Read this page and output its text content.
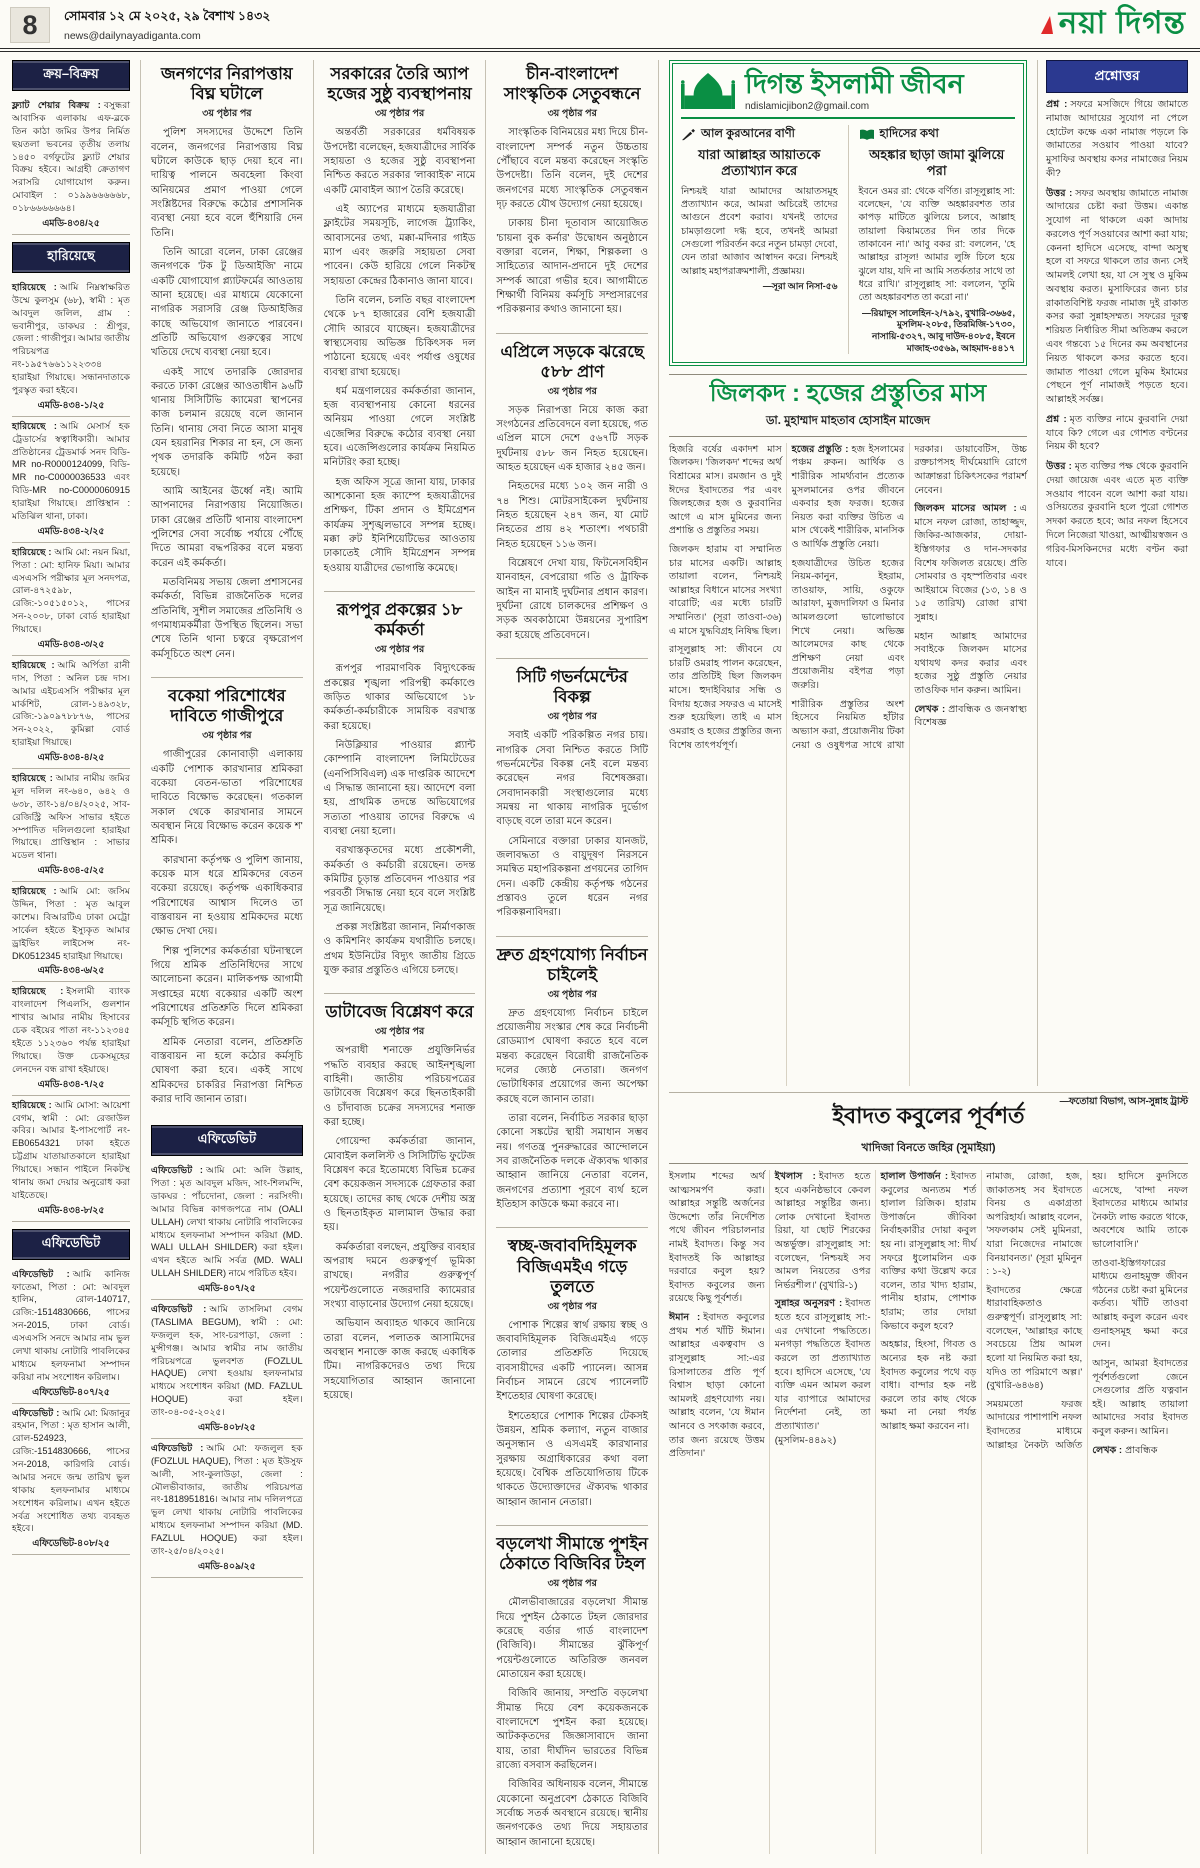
8	সোমবার ১২ মে ২০২৫, ২৯ বৈশাখ ১৪৩২
news@dailynayadiganta.com	নয়া দিগন্ত
ক্রয়–বিক্রয়

ফ্ল্যাট শেয়ার বিক্রয় : বসুন্ধরা আবাসিক এলাকায় এফ-ব্লকে তিন কাঠা জমির উপর নির্মিত ছয়তলা ভবনের তৃতীয় তলায় ১৪৫০ বর্গফুটের ফ্ল্যাট শেয়ার বিক্রয় হইবে। আগ্রহী ক্রেতাগণ সরাসরি যোগাযোগ করুন। মোবাইল : ০১৯৯৬৬৬৬৬৮, ০১৮৬৬৬৬৬৬৪।

এমডি-৪৩৪/২৫
হারিয়েছে

হারিয়েছে : আমি নিম্নস্বাক্ষরিত উম্মে কুলসুম (৬৮), স্বামী : মৃত আবদুল জলিল, গ্রাম : ভবানীপুর, ডাকঘর : শ্রীপুর, জেলা : গাজীপুর। আমার জাতীয় পরিচয়পত্র নং-১৯৫৭৬৬১১২২৩৩৪ হারাইয়া গিয়াছে। সন্ধানদাতাকে পুরস্কৃত করা হইবে।

এমডি-৪৩৪-১/২৫

হারিয়েছে : আমি মেসার্স হক ট্রেডার্সের স্বত্বাধিকারী। আমার প্রতিষ্ঠানের ট্রেডমার্ক সনদ বিডি-MR no-R0000124099, বিডি-MR no-C0000036533 এবং বিডি-MR no-C0000060915 হারাইয়া গিয়াছে। প্রাপ্তিস্থান : মতিঝিল থানা, ঢাকা।

এমডি-৪৩৪-২/২৫

হারিয়েছে : আমি মো: নয়ন মিয়া, পিতা : মো: হানিফ মিয়া। আমার এসএসসি পরীক্ষার মূল সনদপত্র, রোল-৪৭২৫৯৮, রেজি:-১০৫১৫০১২, পাসের সন-২০০৮, ঢাকা বোর্ড হারাইয়া গিয়াছে।

এমডি-৪৩৪-৩/২৫

হারিয়েছে : আমি অর্পিতা রানী দাস, পিতা : অনিল চন্দ্র দাস। আমার এইচএসসি পরীক্ষার মূল মার্কশিট, রোল-১৪৯৩২৮, রেজি:-১৯০৯৭৮৮৭৬, পাসের সন-২০২২, কুমিল্লা বোর্ড হারাইয়া গিয়াছে।

এমডি-৪৩৪-৪/২৫

হারিয়েছে : আমার নামীয় জমির মূল দলিল নং-৬৪০, ৬৪২ ও ৬৩৮, তাং-১৪/০৪/২০২৫, সাব-রেজিস্ট্রি অফিস সাভার হইতে সম্পাদিত দলিলগুলো হারাইয়া গিয়াছে। প্রাপ্তিস্থান : সাভার মডেল থানা।

এমডি-৪৩৪-৫/২৫

হারিয়েছে : আমি মো: জসিম উদ্দিন, পিতা : মৃত আবুল কাশেম। বিআরটিএ ঢাকা মেট্রো সার্কেল হইতে ইস্যুকৃত আমার ড্রাইভিং লাইসেন্স নং-DK0512345 হারাইয়া গিয়াছে।

এমডি-৪৩৪-৬/২৫

হারিয়েছে : ইসলামী ব্যাংক বাংলাদেশ পিএলসি, গুলশান শাখার আমার নামীয় হিসাবের চেক বইয়ের পাতা নং-১১২৩৪৫ হইতে ১১২৩৬০ পর্যন্ত হারাইয়া গিয়াছে। উক্ত চেকসমূহের লেনদেন বন্ধ রাখা হইয়াছে।

এমডি-৪৩৪-৭/২৫

হারিয়েছে : আমি মোসা: আয়েশা বেগম, স্বামী : মো: রেজাউল কবির। আমার ই-পাসপোর্ট নং-EB0654321 ঢাকা হইতে চট্টগ্রাম যাতায়াতকালে হারাইয়া গিয়াছে। সন্ধান পাইলে নিকটস্থ থানায় জমা দেয়ার অনুরোধ করা যাইতেছে।

এমডি-৪৩৪-৮/২৫
এফিডেভিট

এফিডেভিট : আমি কানিজ ফাতেমা, পিতা : মো: আবদুল হালিম, রোল-140717, রেজি:-1514830666, পাসের সন-2015, ঢাকা বোর্ড। এসএসসি সনদে আমার নাম ভুল লেখা থাকায় নোটারি পাবলিকের মাধ্যমে হলফনামা সম্পাদন করিয়া নাম সংশোধন করিলাম।

এফিডেভিট-৪০৭/২৫

এফিডেভিট : আমি মো: মিজানুর রহমান, পিতা : মৃত হাসান আলী, রোল-524923, রেজি:-1514830666, পাসের সন-2018, কারিগরি বোর্ড। আমার সনদে জন্ম তারিখ ভুল থাকায় হলফনামার মাধ্যমে সংশোধন করিলাম। এখন হইতে সর্বত্র সংশোধিত তথ্য ব্যবহৃত হইবে।

এফিডেভিট-৪০৮/২৫
জনগণের নিরাপত্তায় বিঘ্ন ঘটালে
৩য় পৃষ্ঠার পর

পুলিশ সদস্যদের উদ্দেশে তিনি বলেন, জনগণের নিরাপত্তায় বিঘ্ন ঘটালে কাউকে ছাড় দেয়া হবে না। দায়িত্ব পালনে অবহেলা কিংবা অনিয়মের প্রমাণ পাওয়া গেলে সংশ্লিষ্টদের বিরুদ্ধে কঠোর প্রশাসনিক ব্যবস্থা নেয়া হবে বলে হুঁশিয়ারি দেন তিনি।

তিনি আরো বলেন, ঢাকা রেঞ্জের জনগণকে 'টক টু ডিআইজি' নামে একটি যোগাযোগ প্ল্যাটফর্মের আওতায় আনা হয়েছে। এর মাধ্যমে যেকোনো নাগরিক সরাসরি রেঞ্জ ডিআইজির কাছে অভিযোগ জানাতে পারবেন। প্রতিটি অভিযোগ গুরুত্বের সাথে খতিয়ে দেখে ব্যবস্থা নেয়া হবে।

একই সাথে তদারকি জোরদার করতে ঢাকা রেঞ্জের আওতাধীন ৯৬টি থানায় সিসিটিভি ক্যামেরা স্থাপনের কাজ চলমান রয়েছে বলে জানান তিনি। থানায় সেবা নিতে আসা মানুষ যেন হয়রানির শিকার না হন, সে জন্য পৃথক তদারকি কমিটি গঠন করা হয়েছে।

আমি আইনের ঊর্ধ্বে নই। আমি আপনাদের নিরাপত্তায় নিয়োজিত। ঢাকা রেঞ্জের প্রতিটি থানায় বাংলাদেশ পুলিশের সেবা সর্বোচ্চ পর্যায়ে পৌঁছে দিতে আমরা বদ্ধপরিকর বলে মন্তব্য করেন এই কর্মকর্তা।

মতবিনিময় সভায় জেলা প্রশাসনের কর্মকর্তা, বিভিন্ন রাজনৈতিক দলের প্রতিনিধি, সুশীল সমাজের প্রতিনিধি ও গণমাধ্যমকর্মীরা উপস্থিত ছিলেন। সভা শেষে তিনি থানা চত্বরে বৃক্ষরোপণ কর্মসূচিতে অংশ নেন।

বকেয়া পরিশোধের দাবিতে গাজীপুরে
৩য় পৃষ্ঠার পর

গাজীপুরের কোনাবাড়ী এলাকায় একটি পোশাক কারখানার শ্রমিকরা বকেয়া বেতন-ভাতা পরিশোধের দাবিতে বিক্ষোভ করেছেন। গতকাল সকাল থেকে কারখানার সামনে অবস্থান নিয়ে বিক্ষোভ করেন কয়েক শ' শ্রমিক।

কারখানা কর্তৃপক্ষ ও পুলিশ জানায়, কয়েক মাস ধরে শ্রমিকদের বেতন বকেয়া রয়েছে। কর্তৃপক্ষ একাধিকবার পরিশোধের আশ্বাস দিলেও তা বাস্তবায়ন না হওয়ায় শ্রমিকদের মধ্যে ক্ষোভ দেখা দেয়।

শিল্প পুলিশের কর্মকর্তারা ঘটনাস্থলে গিয়ে শ্রমিক প্রতিনিধিদের সাথে আলোচনা করেন। মালিকপক্ষ আগামী সপ্তাহের মধ্যে বকেয়ার একটি অংশ পরিশোধের প্রতিশ্রুতি দিলে শ্রমিকরা কর্মসূচি স্থগিত করেন।

শ্রমিক নেতারা বলেন, প্রতিশ্রুতি বাস্তবায়ন না হলে কঠোর কর্মসূচি ঘোষণা করা হবে। একই সাথে শ্রমিকদের চাকরির নিরাপত্তা নিশ্চিত করার দাবি জানান তারা।

এফিডেভিট

এফিডেভিট : আমি মো: অলি উল্লাহ, পিতা : মৃত আবদুল মজিদ, সাং-শিলমন্দি, ডাকঘর : পাঁচদোনা, জেলা : নরসিংদী। আমার বিভিন্ন কাগজপত্রে নাম (OALI ULLAH) লেখা থাকায় নোটারি পাবলিকের মাধ্যমে হলফনামা সম্পাদন করিয়া (MD. WALI ULLAH SHILDER) করা হইল। এখন হইতে আমি সর্বত্র (MD. WALI ULLAH SHILDER) নামে পরিচিত হইব।

এমডি-৪০৭/২৫

এফিডেভিট : আমি তাসলিমা বেগম (TASLIMA BEGUM), স্বামী : মো: ফজলুল হক, সাং-চরপাড়া, জেলা : মুন্সীগঞ্জ। আমার স্বামীর নাম জাতীয় পরিচয়পত্রে ভুলবশত (FOZLUL HAQUE) লেখা হওয়ায় হলফনামার মাধ্যমে সংশোধন করিয়া (MD. FAZLUL HOQUE) করা হইল। তাং-০৪-০৫-২০২৫।

এমডি-৪০৮/২৫

এফিডেভিট : আমি মো: ফজলুল হক (FOZLUL HAQUE), পিতা : মৃত ইউসুফ আলী, সাং-কুলাউড়া, জেলা : মৌলভীবাজার, জাতীয় পরিচয়পত্র নং-1818951816। আমার নাম দলিলপত্রে ভুল লেখা থাকায় নোটারি পাবলিকের মাধ্যমে হলফনামা সম্পাদন করিয়া (MD. FAZLUL HOQUE) করা হইল। তাং-২৫/০৪/২০২৫।

এমডি-৪০৯/২৫
সরকারের তৈরি অ্যাপ হজের সুষ্ঠু ব্যবস্থাপনায়
৩য় পৃষ্ঠার পর

অন্তর্বর্তী সরকারের ধর্মবিষয়ক উপদেষ্টা বলেছেন, হজযাত্রীদের সার্বিক সহায়তা ও হজের সুষ্ঠু ব্যবস্থাপনা নিশ্চিত করতে সরকার 'লাব্বাইক' নামে একটি মোবাইল অ্যাপ তৈরি করেছে।

এই অ্যাপের মাধ্যমে হজযাত্রীরা ফ্লাইটের সময়সূচি, লাগেজ ট্র্যাকিং, আবাসনের তথ্য, মক্কা-মদিনার গাইড ম্যাপ এবং জরুরি সহায়তা সেবা পাবেন। কেউ হারিয়ে গেলে নিকটস্থ সহায়তা কেন্দ্রের ঠিকানাও জানা যাবে।

তিনি বলেন, চলতি বছর বাংলাদেশ থেকে ৮৭ হাজারের বেশি হজযাত্রী সৌদি আরবে যাচ্ছেন। হজযাত্রীদের স্বাস্থ্যসেবায় অভিজ্ঞ চিকিৎসক দল পাঠানো হয়েছে এবং পর্যাপ্ত ওষুধের ব্যবস্থা রাখা হয়েছে।

ধর্ম মন্ত্রণালয়ের কর্মকর্তারা জানান, হজ ব্যবস্থাপনায় কোনো ধরনের অনিয়ম পাওয়া গেলে সংশ্লিষ্ট এজেন্সির বিরুদ্ধে কঠোর ব্যবস্থা নেয়া হবে। এজেন্সিগুলোর কার্যক্রম নিয়মিত মনিটরিং করা হচ্ছে।

হজ অফিস সূত্রে জানা যায়, ঢাকার আশকোনা হজ ক্যাম্পে হজযাত্রীদের প্রশিক্ষণ, টিকা প্রদান ও ইমিগ্রেশন কার্যক্রম সুশৃঙ্খলভাবে সম্পন্ন হচ্ছে। মক্কা রুট ইনিশিয়েটিভের আওতায় ঢাকাতেই সৌদি ইমিগ্রেশন সম্পন্ন হওয়ায় যাত্রীদের ভোগান্তি কমেছে।

রূপপুর প্রকল্পের ১৮ কর্মকর্তা
৩য় পৃষ্ঠার পর

রূপপুর পারমাণবিক বিদ্যুৎকেন্দ্র প্রকল্পের শৃঙ্খলা পরিপন্থী কর্মকাণ্ডে জড়িত থাকার অভিযোগে ১৮ কর্মকর্তা-কর্মচারীকে সাময়িক বরখাস্ত করা হয়েছে।

নিউক্লিয়ার পাওয়ার প্ল্যান্ট কোম্পানি বাংলাদেশ লিমিটেডের (এনপিসিবিএল) এক দাপ্তরিক আদেশে এ সিদ্ধান্ত জানানো হয়। আদেশে বলা হয়, প্রাথমিক তদন্তে অভিযোগের সত্যতা পাওয়ায় তাদের বিরুদ্ধে এ ব্যবস্থা নেয়া হলো।

বরখাস্তকৃতদের মধ্যে প্রকৌশলী, কর্মকর্তা ও কর্মচারী রয়েছেন। তদন্ত কমিটির চূড়ান্ত প্রতিবেদন পাওয়ার পর পরবর্তী সিদ্ধান্ত নেয়া হবে বলে সংশ্লিষ্ট সূত্র জানিয়েছে।

প্রকল্প সংশ্লিষ্টরা জানান, নির্মাণকাজ ও কমিশনিং কার্যক্রম যথারীতি চলছে। প্রথম ইউনিটের বিদ্যুৎ জাতীয় গ্রিডে যুক্ত করার প্রস্তুতিও এগিয়ে চলছে।

ডাটাবেজ বিশ্লেষণ করে
৩য় পৃষ্ঠার পর

অপরাধী শনাক্তে প্রযুক্তিনির্ভর পদ্ধতি ব্যবহার করছে আইনশৃঙ্খলা বাহিনী। জাতীয় পরিচয়পত্রের ডাটাবেজ বিশ্লেষণ করে ছিনতাইকারী ও চাঁদাবাজ চক্রের সদস্যদের শনাক্ত করা হচ্ছে।

গোয়েন্দা কর্মকর্তারা জানান, মোবাইল কললিস্ট ও সিসিটিভি ফুটেজ বিশ্লেষণ করে ইতোমধ্যে বিভিন্ন চক্রের বেশ কয়েকজন সদস্যকে গ্রেফতার করা হয়েছে। তাদের কাছ থেকে দেশীয় অস্ত্র ও ছিনতাইকৃত মালামাল উদ্ধার করা হয়।

কর্মকর্তারা বলছেন, প্রযুক্তির ব্যবহার অপরাধ দমনে গুরুত্বপূর্ণ ভূমিকা রাখছে। নগরীর গুরুত্বপূর্ণ পয়েন্টগুলোতে নজরদারি ক্যামেরার সংখ্যা বাড়ানোর উদ্যোগ নেয়া হয়েছে।

অভিযান অব্যাহত থাকবে জানিয়ে তারা বলেন, পলাতক আসামিদের অবস্থান শনাক্তে কাজ করছে একাধিক টিম। নাগরিকদেরও তথ্য দিয়ে সহযোগিতার আহ্বান জানানো হয়েছে।

চীন-বাংলাদেশ সাংস্কৃতিক সেতুবন্ধনে
৩য় পৃষ্ঠার পর

সাংস্কৃতিক বিনিময়ের মধ্য দিয়ে চীন-বাংলাদেশ সম্পর্ক নতুন উচ্চতায় পৌঁছাবে বলে মন্তব্য করেছেন সংস্কৃতি উপদেষ্টা। তিনি বলেন, দুই দেশের জনগণের মধ্যে সাংস্কৃতিক সেতুবন্ধন দৃঢ় করতে যৌথ উদ্যোগ নেয়া হয়েছে।

ঢাকায় চীনা দূতাবাস আয়োজিত 'চায়না বুক কর্নার' উদ্বোধন অনুষ্ঠানে বক্তারা বলেন, শিক্ষা, শিল্পকলা ও সাহিত্যের আদান-প্রদানে দুই দেশের সম্পর্ক আরো গভীর হবে। আগামীতে শিক্ষার্থী বিনিময় কর্মসূচি সম্প্রসারণের পরিকল্পনার কথাও জানানো হয়।

এপ্রিলে সড়কে ঝরেছে ৫৮৮ প্রাণ
৩য় পৃষ্ঠার পর

সড়ক নিরাপত্তা নিয়ে কাজ করা সংগঠনের প্রতিবেদনে বলা হয়েছে, গত এপ্রিল মাসে দেশে ৫৬৭টি সড়ক দুর্ঘটনায় ৫৮৮ জন নিহত হয়েছেন। আহত হয়েছেন এক হাজার ২৪৫ জন।

নিহতদের মধ্যে ১০২ জন নারী ও ৭৪ শিশু। মোটরসাইকেল দুর্ঘটনায় নিহত হয়েছেন ২৪৭ জন, যা মোট নিহতের প্রায় ৪২ শতাংশ। পথচারী নিহত হয়েছেন ১১৬ জন।

বিশ্লেষণে দেখা যায়, ফিটনেসবিহীন যানবাহন, বেপরোয়া গতি ও ট্রাফিক আইন না মানাই দুর্ঘটনার প্রধান কারণ। দুর্ঘটনা রোধে চালকদের প্রশিক্ষণ ও সড়ক অবকাঠামো উন্নয়নের সুপারিশ করা হয়েছে প্রতিবেদনে।

সিটি গভর্নমেন্টের বিকল্প
৩য় পৃষ্ঠার পর

সবাই একটি পরিকল্পিত নগর চায়। নাগরিক সেবা নিশ্চিত করতে সিটি গভর্নমেন্টের বিকল্প নেই বলে মন্তব্য করেছেন নগর বিশেষজ্ঞরা। সেবাদানকারী সংস্থাগুলোর মধ্যে সমন্বয় না থাকায় নাগরিক দুর্ভোগ বাড়ছে বলে তারা মনে করেন।

সেমিনারে বক্তারা ঢাকার যানজট, জলাবদ্ধতা ও বায়ুদূষণ নিরসনে সমন্বিত মহাপরিকল্পনা প্রণয়নের তাগিদ দেন। একটি কেন্দ্রীয় কর্তৃপক্ষ গঠনের প্রস্তাবও তুলে ধরেন নগর পরিকল্পনাবিদরা।

দ্রুত গ্রহণযোগ্য নির্বাচন চাইলেই
৩য় পৃষ্ঠার পর

দ্রুত গ্রহণযোগ্য নির্বাচন চাইলে প্রয়োজনীয় সংস্কার শেষ করে নির্বাচনী রোডম্যাপ ঘোষণা করতে হবে বলে মন্তব্য করেছেন বিরোধী রাজনৈতিক দলের জ্যেষ্ঠ নেতারা। জনগণ ভোটাধিকার প্রয়োগের জন্য অপেক্ষা করছে বলে জানান তারা।

তারা বলেন, নির্বাচিত সরকার ছাড়া কোনো সঙ্কটের স্থায়ী সমাধান সম্ভব নয়। গণতন্ত্র পুনরুদ্ধারের আন্দোলনে সব রাজনৈতিক দলকে ঐক্যবদ্ধ থাকার আহ্বান জানিয়ে নেতারা বলেন, জনগণের প্রত্যাশা পূরণে ব্যর্থ হলে ইতিহাস কাউকে ক্ষমা করবে না।

স্বচ্ছ-জবাবদিহিমূলক বিজিএমইএ গড়ে তুলতে
৩য় পৃষ্ঠার পর

পোশাক শিল্পের স্বার্থ রক্ষায় স্বচ্ছ ও জবাবদিহিমূলক বিজিএমইএ গড়ে তোলার প্রতিশ্রুতি দিয়েছে ব্যবসায়ীদের একটি প্যানেল। আসন্ন নির্বাচন সামনে রেখে প্যানেলটি ইশতেহার ঘোষণা করেছে।

ইশতেহারে পোশাক শিল্পের টেকসই উন্নয়ন, শ্রমিক কল্যাণ, নতুন বাজার অনুসন্ধান ও এসএমই কারখানার সুরক্ষায় অগ্রাধিকারের কথা বলা হয়েছে। বৈশ্বিক প্রতিযোগিতায় টিকে থাকতে উদ্যোক্তাদের ঐক্যবদ্ধ থাকার আহ্বান জানান নেতারা।

বড়লেখা সীমান্তে পুশইন ঠেকাতে বিজিবির টহল
৩য় পৃষ্ঠার পর

মৌলভীবাজারের বড়লেখা সীমান্ত দিয়ে পুশইন ঠেকাতে টহল জোরদার করেছে বর্ডার গার্ড বাংলাদেশ (বিজিবি)। সীমান্তের ঝুঁকিপূর্ণ পয়েন্টগুলোতে অতিরিক্ত জনবল মোতায়েন করা হয়েছে।

বিজিবি জানায়, সম্প্রতি বড়লেখা সীমান্ত দিয়ে বেশ কয়েকজনকে বাংলাদেশে পুশইন করা হয়েছে। আটককৃতদের জিজ্ঞাসাবাদে জানা যায়, তারা দীর্ঘদিন ভারতের বিভিন্ন রাজ্যে বসবাস করছিলেন।

বিজিবির অধিনায়ক বলেন, সীমান্তে যেকোনো অনুপ্রবেশ ঠেকাতে বিজিবি সর্বোচ্চ সতর্ক অবস্থানে রয়েছে। স্থানীয় জনগণকেও তথ্য দিয়ে সহায়তার আহ্বান জানানো হয়েছে।

দিগন্ত ইসলামী জীবন
ndislamicjibon2@gmail.com
আল কুরআনের বাণী
যারা আল্লাহর আয়াতকে প্রত্যাখ্যান করে

নিশ্চয়ই যারা আমাদের আয়াতসমূহ প্রত্যাখ্যান করে, আমরা অচিরেই তাদের আগুনে প্রবেশ করাব। যখনই তাদের চামড়াগুলো দগ্ধ হবে, তখনই আমরা সেগুলো পরিবর্তন করে নতুন চামড়া দেবো, যেন তারা আজাব আস্বাদন করে। নিশ্চয়ই আল্লাহ মহাপরাক্রমশালী, প্রজ্ঞাময়।

—সূরা আন নিসা-৫৬
হাদিসের কথা
অহঙ্কার ছাড়া জামা ঝুলিয়ে পরা

ইবনে ওমর রা: থেকে বর্ণিত। রাসূলুল্লাহ সা: বলেছেন, 'যে ব্যক্তি অহঙ্কারবশত তার কাপড় মাটিতে ঝুলিয়ে চলবে, আল্লাহ তায়ালা কিয়ামতের দিন তার দিকে তাকাবেন না।' আবু বকর রা: বললেন, 'হে আল্লাহর রাসূল! আমার লুঙ্গি ঢিলে হয়ে ঝুলে যায়, যদি না আমি সতর্কতার সাথে তা ধরে রাখি।' রাসূলুল্লাহ সা: বললেন, 'তুমি তো অহঙ্কারবশত তা করো না।'

—রিয়াদুস সালেহিন-২/৭৯২, বুখারি-৩৬৬৫, মুসলিম-২০৮৫, তিরমিজি-১৭৩০, নাসায়ি-৫৩২৭, আবু দাউদ-৪০৮৫, ইবনে মাজাহ-৩৫৬৯, আহমাদ-৪৪১৭
জিলকদ : হজের প্রস্তুতির মাস
ডা. মুহাম্মাদ মাহতাব হোসাইন মাজেদ

হিজরি বর্ষের একাদশ মাস জিলকদ। 'জিলকদ' শব্দের অর্থ বিশ্রামের মাস। রমজান ও দুই ঈদের ইবাদতের পর এবং জিলহজের হজ ও কুরবানির আগে এ মাস মুমিনের জন্য প্রশান্তি ও প্রস্তুতির সময়।

জিলকদ হারাম বা সম্মানিত চার মাসের একটি। আল্লাহ তায়ালা বলেন, 'নিশ্চয়ই আল্লাহর বিধানে মাসের সংখ্যা বারোটি; এর মধ্যে চারটি সম্মানিত।' (সূরা তাওবা-৩৬) এ মাসে যুদ্ধবিগ্রহ নিষিদ্ধ ছিল।

রাসূলুল্লাহ সা: জীবনে যে চারটি ওমরাহ পালন করেছেন, তার প্রতিটিই ছিল জিলকদ মাসে। হুদাইবিয়ার সন্ধি ও বিদায় হজের সফরও এ মাসেই শুরু হয়েছিল। তাই এ মাস ওমরাহ ও হজের প্রস্তুতির জন্য বিশেষ তাৎপর্যপূর্ণ।

হজের প্রস্তুতি : হজ ইসলামের পঞ্চম রুকন। আর্থিক ও শারীরিক সামর্থ্যবান প্রত্যেক মুসলমানের ওপর জীবনে একবার হজ ফরজ। হজের নিয়ত করা ব্যক্তির উচিত এ মাস থেকেই শারীরিক, মানসিক ও আর্থিক প্রস্তুতি নেয়া।

হজযাত্রীদের উচিত হজের নিয়ম-কানুন, ইহরাম, তাওয়াফ, সায়ি, ওকুফে আরাফা, মুজদালিফা ও মিনার আমলগুলো ভালোভাবে শিখে নেয়া। অভিজ্ঞ আলেমদের কাছ থেকে প্রশিক্ষণ নেয়া এবং প্রয়োজনীয় বইপত্র পড়া জরুরি।

শারীরিক প্রস্তুতির অংশ হিসেবে নিয়মিত হাঁটার অভ্যাস করা, প্রয়োজনীয় টিকা নেয়া ও ওষুধপত্র সাথে রাখা দরকার। ডায়াবেটিস, উচ্চ রক্তচাপসহ দীর্ঘমেয়াদি রোগে আক্রান্তরা চিকিৎসকের পরামর্শ নেবেন।

জিলকদ মাসের আমল : এ মাসে নফল রোজা, তাহাজ্জুদ, জিকির-আজকার, দোয়া-ইস্তিগফার ও দান-সদকার বিশেষ ফজিলত রয়েছে। প্রতি সোমবার ও বৃহস্পতিবার এবং আইয়ামে বিজের (১৩, ১৪ ও ১৫ তারিখ) রোজা রাখা সুন্নাহ।

মহান আল্লাহ আমাদের সবাইকে জিলকদ মাসের যথাযথ কদর করার এবং হজের সুষ্ঠু প্রস্তুতি নেয়ার তাওফিক দান করুন। আমিন।

লেখক : প্রাবন্ধিক ও জনস্বাস্থ্য বিশেষজ্ঞ

প্রশ্নোত্তর

প্রশ্ন : সফরে মসজিদে গিয়ে জামাতে নামাজ আদায়ের সুযোগ না পেলে হোটেল কক্ষে একা নামাজ পড়লে কি জামাতের সওয়াব পাওয়া যাবে? মুসাফির অবস্থায় কসর নামাজের নিয়ম কী?

উত্তর : সফর অবস্থায় জামাতে নামাজ আদায়ের চেষ্টা করা উত্তম। একান্ত সুযোগ না থাকলে একা আদায় করলেও পূর্ণ সওয়াবের আশা করা যায়; কেননা হাদিসে এসেছে, বান্দা অসুস্থ হলে বা সফরে থাকলে তার জন্য সেই আমলই লেখা হয়, যা সে সুস্থ ও মুকিম অবস্থায় করত। মুসাফিরের জন্য চার রাকাতবিশিষ্ট ফরজ নামাজ দুই রাকাত কসর করা সুন্নাহসম্মত। সফরের দূরত্ব শরিয়ত নির্ধারিত সীমা অতিক্রম করলে এবং গন্তব্যে ১৫ দিনের কম অবস্থানের নিয়ত থাকলে কসর করতে হবে। জামাত পাওয়া গেলে মুকিম ইমামের পেছনে পূর্ণ নামাজই পড়তে হবে। আল্লাহই সর্বজ্ঞ।

প্রশ্ন : মৃত ব্যক্তির নামে কুরবানি দেয়া যাবে কি? গেলে এর গোশত বণ্টনের নিয়ম কী হবে?

উত্তর : মৃত ব্যক্তির পক্ষ থেকে কুরবানি দেয়া জায়েজ এবং এতে মৃত ব্যক্তি সওয়াব পাবেন বলে আশা করা যায়। ওসিয়তের কুরবানি হলে পুরো গোশত সদকা করতে হবে; আর নফল হিসেবে দিলে নিজেরা খাওয়া, আত্মীয়স্বজন ও গরিব-মিসকিনদের মধ্যে বণ্টন করা যাবে।

—ফতোয়া বিভাগ, আস-সুন্নাহ ট্রাস্ট
ইবাদত কবুলের পূর্বশর্ত
খাদিজা বিনতে জহির (সুমাইয়া)

ইসলাম শব্দের অর্থ আত্মসমর্পণ করা। আল্লাহর সন্তুষ্টি অর্জনের উদ্দেশ্যে তাঁর নির্দেশিত পথে জীবন পরিচালনার নামই ইবাদত। কিন্তু সব ইবাদতই কি আল্লাহর দরবারে কবুল হয়? ইবাদত কবুলের জন্য রয়েছে কিছু পূর্বশর্ত।

ঈমান : ইবাদত কবুলের প্রথম শর্ত খাঁটি ঈমান। আল্লাহর একত্ববাদ ও রাসূলুল্লাহ সা:-এর রিসালাতের প্রতি পূর্ণ বিশ্বাস ছাড়া কোনো আমলই গ্রহণযোগ্য নয়। আল্লাহ বলেন, 'যে ঈমান আনবে ও সৎকাজ করবে, তার জন্য রয়েছে উত্তম প্রতিদান।'

ইখলাস : ইবাদত হতে হবে একনিষ্ঠভাবে কেবল আল্লাহর সন্তুষ্টির জন্য। লোক দেখানো ইবাদত রিয়া, যা ছোট শিরকের অন্তর্ভুক্ত। রাসূলুল্লাহ সা: বলেছেন, 'নিশ্চয়ই সব আমল নিয়তের ওপর নির্ভরশীল।' (বুখারি-১)

সুন্নাহর অনুসরণ : ইবাদত হতে হবে রাসূলুল্লাহ সা:-এর দেখানো পদ্ধতিতে। মনগড়া পদ্ধতিতে ইবাদত করলে তা প্রত্যাখ্যাত হবে। হাদিসে এসেছে, 'যে ব্যক্তি এমন আমল করল যার ব্যাপারে আমাদের নির্দেশনা নেই, তা প্রত্যাখ্যাত।' (মুসলিম-৪৪৯২)

হালাল উপার্জন : ইবাদত কবুলের অন্যতম শর্ত হালাল রিজিক। হারাম উপার্জনে জীবিকা নির্বাহকারীর দোয়া কবুল হয় না। রাসূলুল্লাহ সা: দীর্ঘ সফরে ধুলোমলিন এক ব্যক্তির কথা উল্লেখ করে বলেন, তার খাদ্য হারাম, পানীয় হারাম, পোশাক হারাম; তার দোয়া কিভাবে কবুল হবে?

অহঙ্কার, হিংসা, গিবত ও অন্যের হক নষ্ট করা ইবাদত কবুলের পথে বড় বাধা। বান্দার হক নষ্ট করলে তার কাছ থেকে ক্ষমা না নেয়া পর্যন্ত আল্লাহ ক্ষমা করবেন না।

নামাজ, রোজা, হজ, জাকাতসহ সব ইবাদতে বিনয় ও একাগ্রতা অপরিহার্য। আল্লাহ বলেন, 'সফলকাম সেই মুমিনরা, যারা নিজেদের নামাজে বিনয়াবনত।' (সূরা মুমিনুন : ১-২)

ইবাদতের ক্ষেত্রে ধারাবাহিকতাও গুরুত্বপূর্ণ। রাসূলুল্লাহ সা: বলেছেন, 'আল্লাহর কাছে সবচেয়ে প্রিয় আমল হলো যা নিয়মিত করা হয়, যদিও তা পরিমাণে অল্প।' (বুখারি-৬৪৬৪)

সময়মতো ফরজ আদায়ের পাশাপাশি নফল ইবাদতের মাধ্যমে আল্লাহর নৈকট্য অর্জিত হয়। হাদিসে কুদসিতে এসেছে, 'বান্দা নফল ইবাদতের মাধ্যমে আমার নৈকট্য লাভ করতে থাকে, অবশেষে আমি তাকে ভালোবাসি।'

তাওবা-ইস্তিগফারের মাধ্যমে গুনাহমুক্ত জীবন গঠনের চেষ্টা করা মুমিনের কর্তব্য। খাঁটি তাওবা আল্লাহ কবুল করেন এবং গুনাহসমূহ ক্ষমা করে দেন।

আসুন, আমরা ইবাদতের পূর্বশর্তগুলো জেনে সেগুলোর প্রতি যত্নবান হই। আল্লাহ তায়ালা আমাদের সবার ইবাদত কবুল করুন। আমিন।

লেখক : প্রাবন্ধিক
